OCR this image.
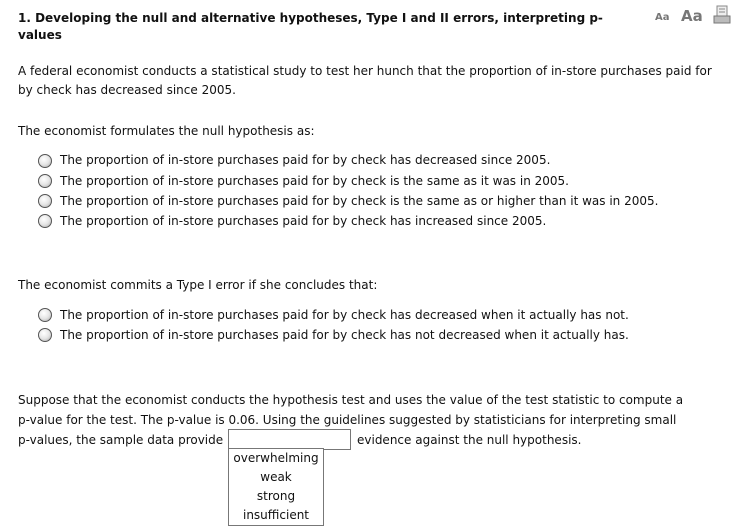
1. Developing the null and alternative hypotheses, Type I and II errors, interpreting p-
values
Aa Aa
A federal economist conducts a statistical study to test her hunch that the proportion of in-store purchases paid for
by check has decreased since 2005.
The economist formulates the null hypothesis as:
The proportion of in-store purchases paid for by check has decreased since 2005.
The proportion of in-store purchases paid for by check is the same as it was in 2005.
The proportion of in-store purchases paid for by check is the same as or higher than it was in 2005.
The proportion of in-store purchases paid for by check has increased since 2005.
The economist commits a Type I error if she concludes that:
The proportion of in-store purchases paid for by check has decreased when it actually has not.
The proportion of in-store purchases paid for by check has not decreased when it actually has.
Suppose that the economist conducts the hypothesis test and uses the value of the test statistic to compute a
p-value for the test. The p-value is 0.06. Using the guidelines suggested by statisticians for interpreting small
p-values, the sample data provide	evidence against the null hypothesis.
overwhelming
weak
strong
insufficient
